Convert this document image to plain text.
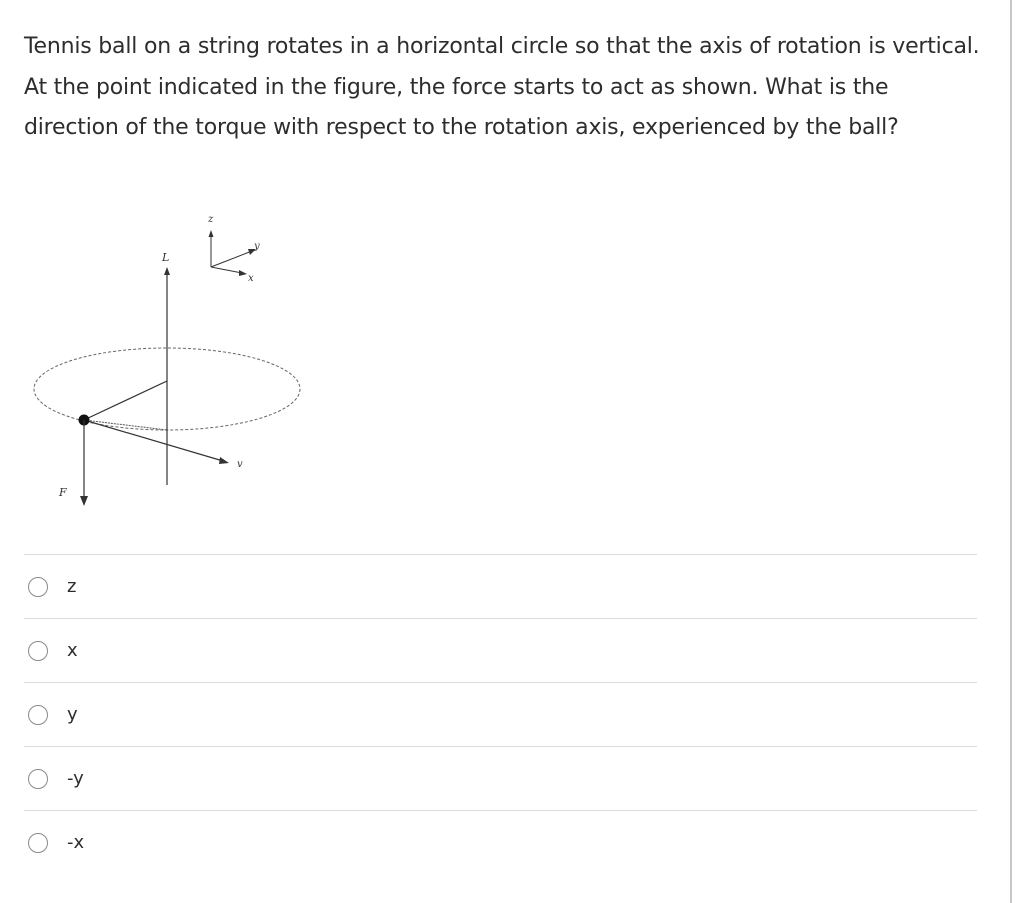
Tennis ball on a string rotates in a horizontal circle so that the axis of rotation is vertical. At the point indicated in the figure, the force starts to act as shown. What is the direction of the torque with respect to the rotation axis, experienced by the ball?
L
v
F
z
y
x
z
x
y
-y
-x
